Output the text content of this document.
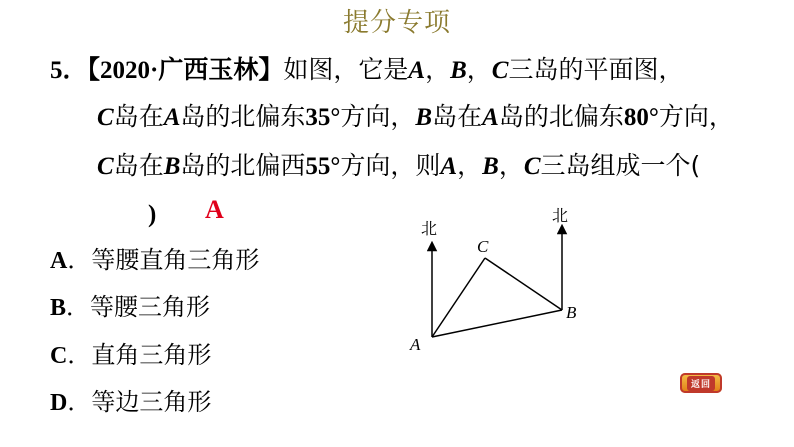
提分专项
5．【2020·广西玉林】如图，它是A，B，C三岛的平面图，
C岛在A岛的北偏东35°方向，B岛在A岛的北偏东80°方向，
C岛在B岛的北偏西55°方向，则A，B，C三岛组成一个(
) A
A．等腰直角三角形
B．等腰三角形
C．直角三角形
D．等边三角形
北
北
A
B
C
返回
